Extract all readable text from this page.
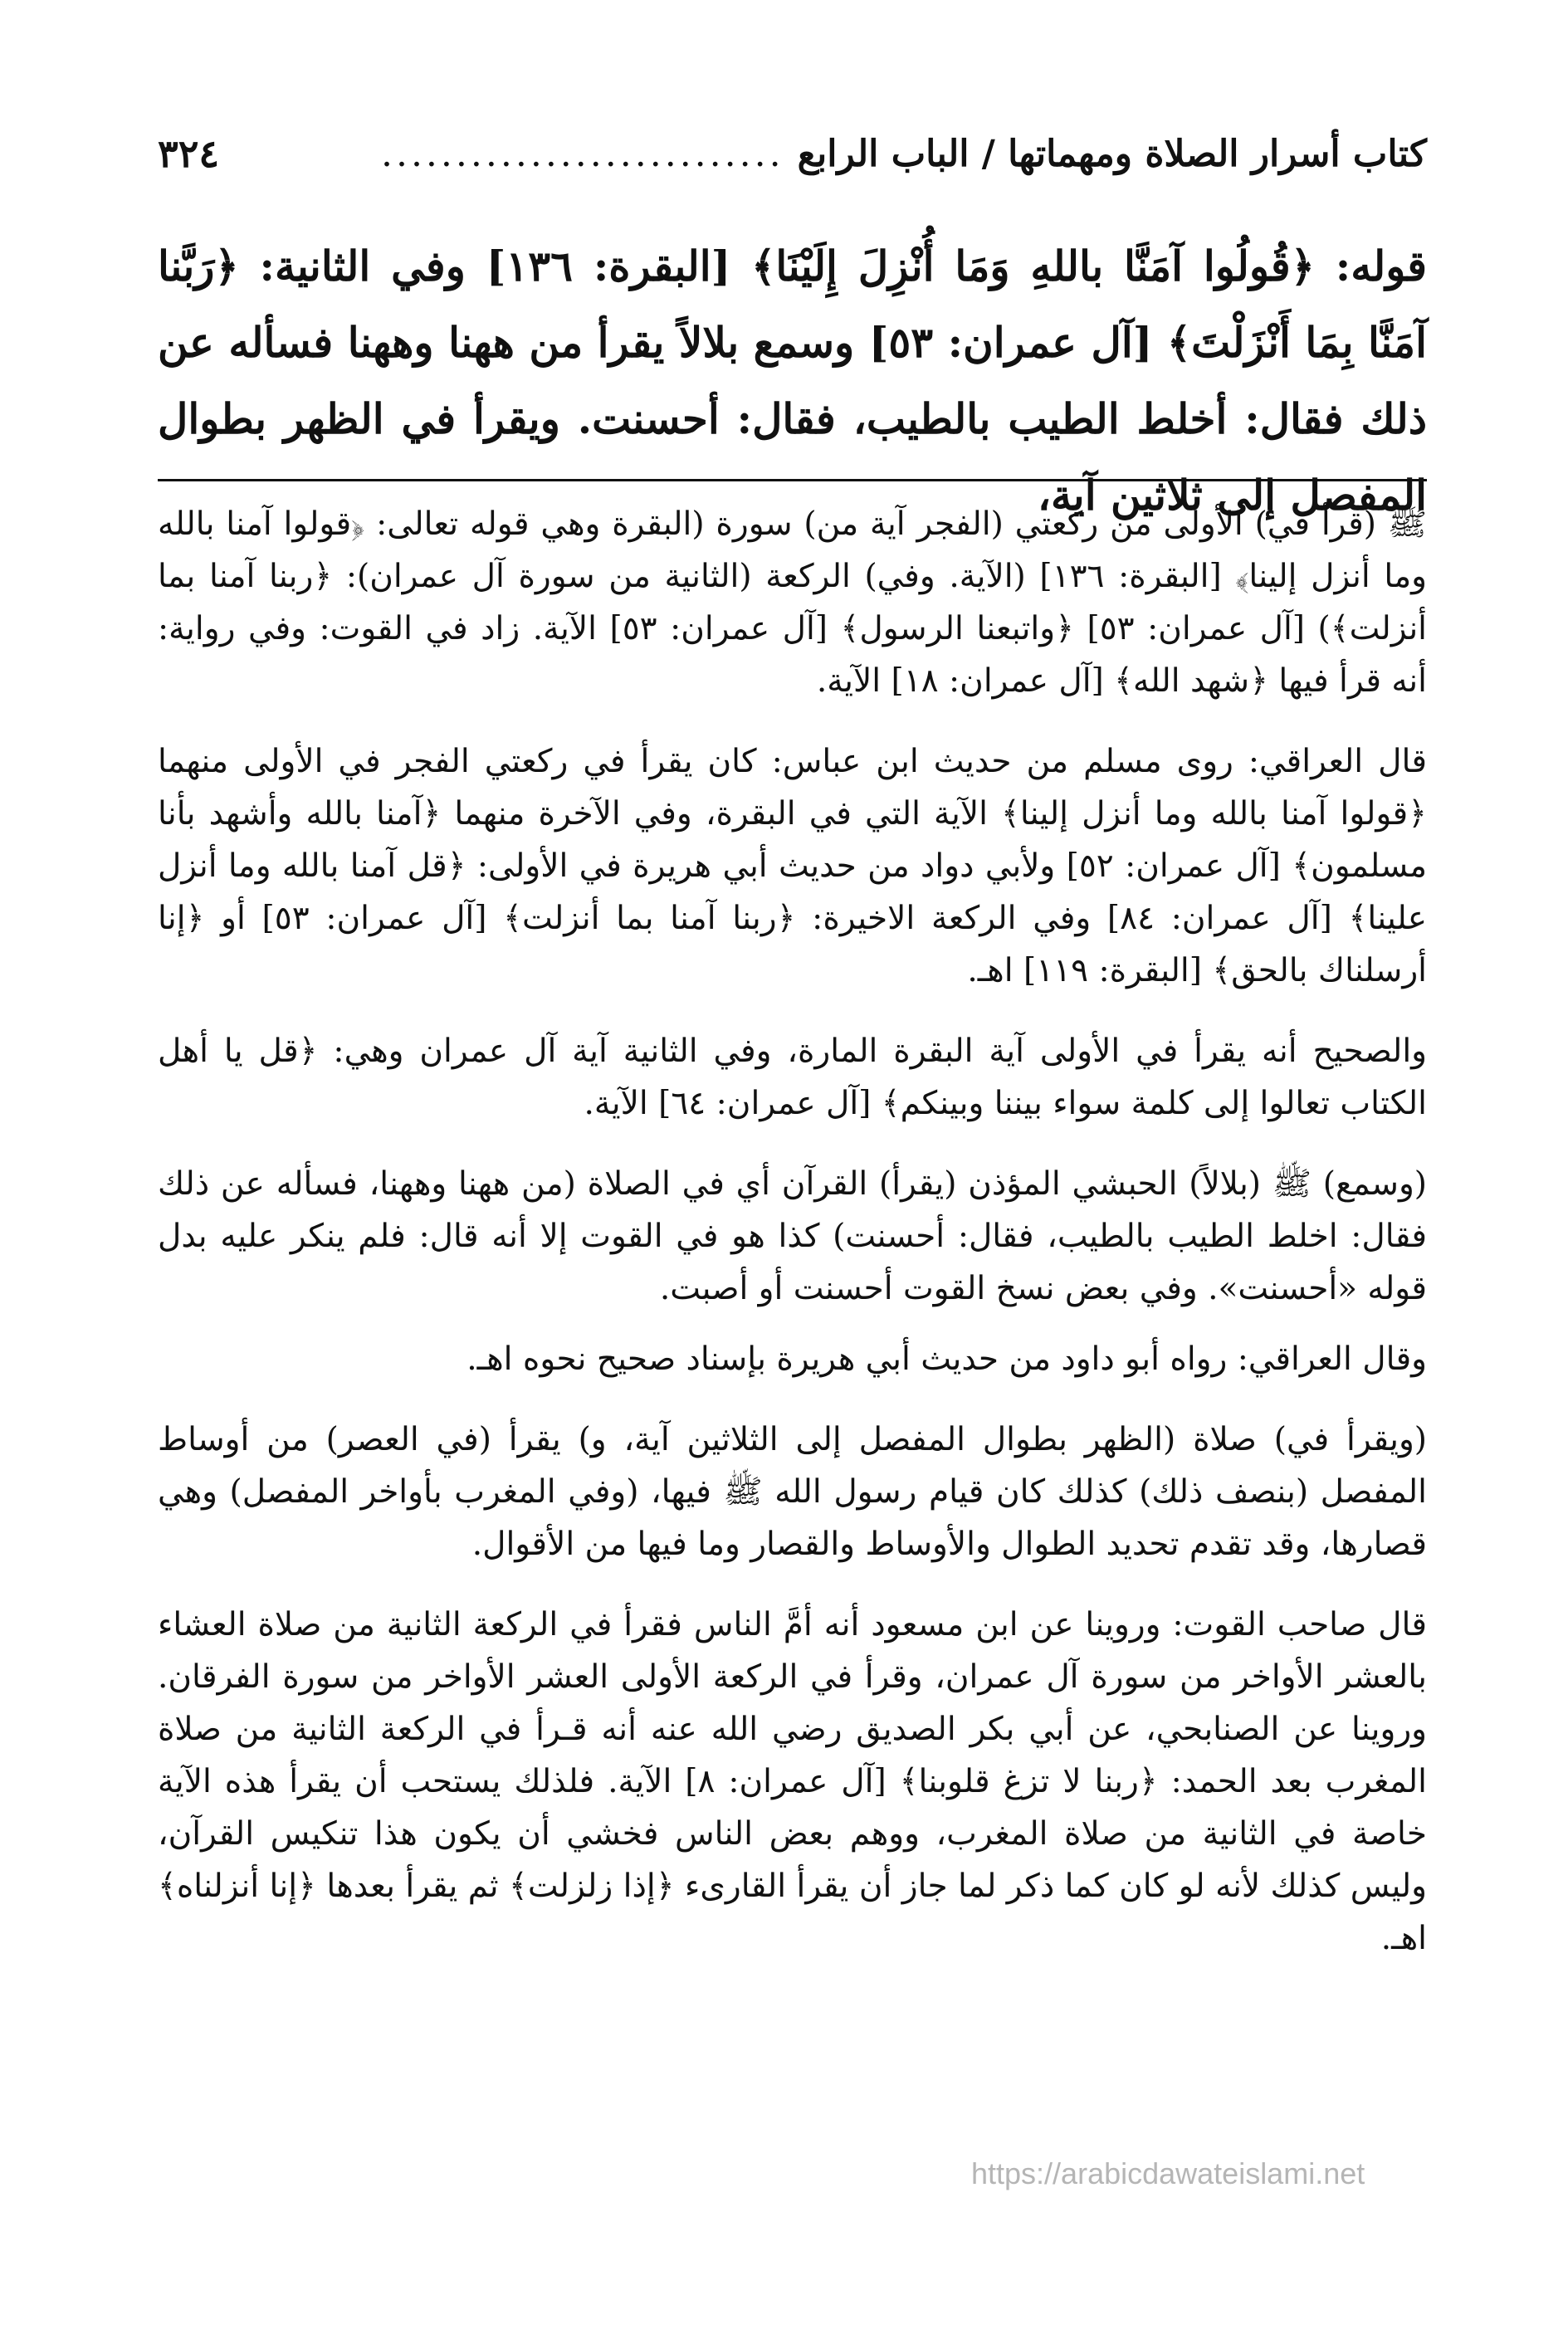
كتاب أسرار الصلاة ومهماتها / الباب الرابع
...........................
٣٢٤
قوله: ﴿قُولُوا آمَنَّا باللهِ وَمَا أُنْزِلَ إِلَيْنَا﴾ [البقرة: ١٣٦] وفي الثانية: ﴿رَبَّنا آمَنَّا بِمَا أَنْزَلْتَ﴾ [آل عمران: ٥٣] وسمع بلالاً يقرأ من ههنا وههنا فسأله عن ذلك فقال: أخلط الطيب بالطيب، فقال: أحسنت. ويقرأ في الظهر بطوال المفصل إلى ثلاثين آية،

ﷺ (قرأ في) الأولى من ركعتي (الفجر آية من) سورة (البقرة وهي قوله تعالى: ﴿قولوا آمنا بالله وما أنزل إلينا﴾ [البقرة: ١٣٦] (الآية. وفي) الركعة (الثانية من سورة آل عمران): ﴿ربنا آمنا بما أنزلت﴾) [آل عمران: ٥٣] ﴿واتبعنا الرسول﴾ [آل عمران: ٥٣] الآية. زاد في القوت: وفي رواية: أنه قرأ فيها ﴿شهد الله﴾ [آل عمران: ١٨] الآية.

قال العراقي: روى مسلم من حديث ابن عباس: كان يقرأ في ركعتي الفجر في الأولى منهما ﴿قولوا آمنا بالله وما أنزل إلينا﴾ الآية التي في البقرة، وفي الآخرة منهما ﴿آمنا بالله وأشهد بأنا مسلمون﴾ [آل عمران: ٥٢] ولأبي دواد من حديث أبي هريرة في الأولى: ﴿قل آمنا بالله وما أنزل علينا﴾ [آل عمران: ٨٤] وفي الركعة الاخيرة: ﴿ربنا آمنا بما أنزلت﴾ [آل عمران: ٥٣] أو ﴿إنا أرسلناك بالحق﴾ [البقرة: ١١٩] اهـ.

والصحيح أنه يقرأ في الأولى آية البقرة المارة، وفي الثانية آية آل عمران وهي: ﴿قل يا أهل الكتاب تعالوا إلى كلمة سواء بيننا وبينكم﴾ [آل عمران: ٦٤] الآية.

(وسمع) ﷺ (بلالاً) الحبشي المؤذن (يقرأ) القرآن أي في الصلاة (من ههنا وههنا، فسأله عن ذلك فقال: اخلط الطيب بالطيب، فقال: أحسنت) كذا هو في القوت إلا أنه قال: فلم ينكر عليه بدل قوله «أحسنت». وفي بعض نسخ القوت أحسنت أو أصبت.

وقال العراقي: رواه أبو داود من حديث أبي هريرة بإسناد صحيح نحوه اهـ.

(ويقرأ في) صلاة (الظهر بطوال المفصل إلى الثلاثين آية، و) يقرأ (في العصر) من أوساط المفصل (بنصف ذلك) كذلك كان قيام رسول الله ﷺ فيها، (وفي المغرب بأواخر المفصل) وهي قصارها، وقد تقدم تحديد الطوال والأوساط والقصار وما فيها من الأقوال.

قال صاحب القوت: وروينا عن ابن مسعود أنه أمَّ الناس فقرأ في الركعة الثانية من صلاة العشاء بالعشر الأواخر من سورة آل عمران، وقرأ في الركعة الأولى العشر الأواخر من سورة الفرقان. وروينا عن الصنابحي، عن أبي بكر الصديق رضي الله عنه أنه قـرأ في الركعة الثانية من صلاة المغرب بعد الحمد: ﴿ربنا لا تزغ قلوبنا﴾ [آل عمران: ٨] الآية. فلذلك يستحب أن يقرأ هذه الآية خاصة في الثانية من صلاة المغرب، ووهم بعض الناس فخشي أن يكون هذا تنكيس القرآن، وليس كذلك لأنه لو كان كما ذكر لما جاز أن يقرأ القارىء ﴿إذا زلزلت﴾ ثم يقرأ بعدها ﴿إنا أنزلناه﴾ اهـ.

https://arabicdawateislami.net
